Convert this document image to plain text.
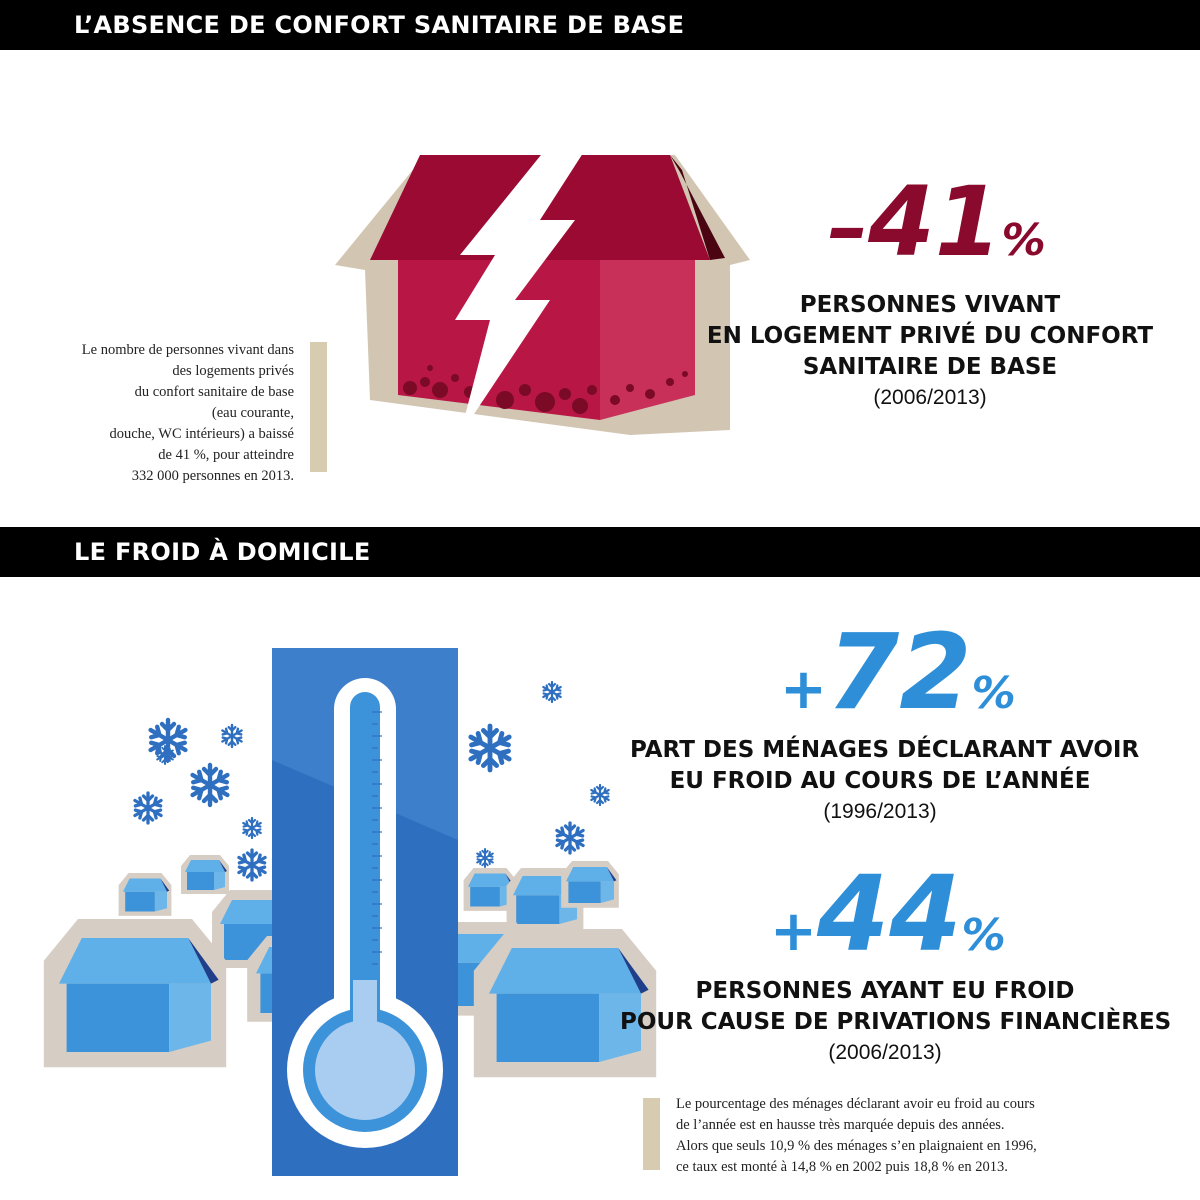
L’ABSENCE DE CONFORT SANITAIRE DE BASE
–41%
PERSONNES VIVANT
EN LOGEMENT PRIVÉ DU CONFORT
SANITAIRE DE BASE
(2006/2013)
Le nombre de personnes vivant dans
des logements privés
du confort sanitaire de base
(eau courante,
douche, WC intérieurs) a baissé
de 41 %, pour atteindre
332 000 personnes en 2013.
LE FROID À DOMICILE
+72%
PART DES MÉNAGES DÉCLARANT AVOIR
EU FROID AU COURS DE L’ANNÉE
(1996/2013)
+44%
PERSONNES AYANT EU FROID
POUR CAUSE DE PRIVATIONS FINANCIÈRES
(2006/2013)
Le pourcentage des ménages déclarant avoir eu froid au cours
de l’année est en hausse très marquée depuis des années.
Alors que seuls 10,9 % des ménages s’en plaignaient en 1996,
ce taux est monté à 14,8 % en 2002 puis 18,8 % en 2013.
